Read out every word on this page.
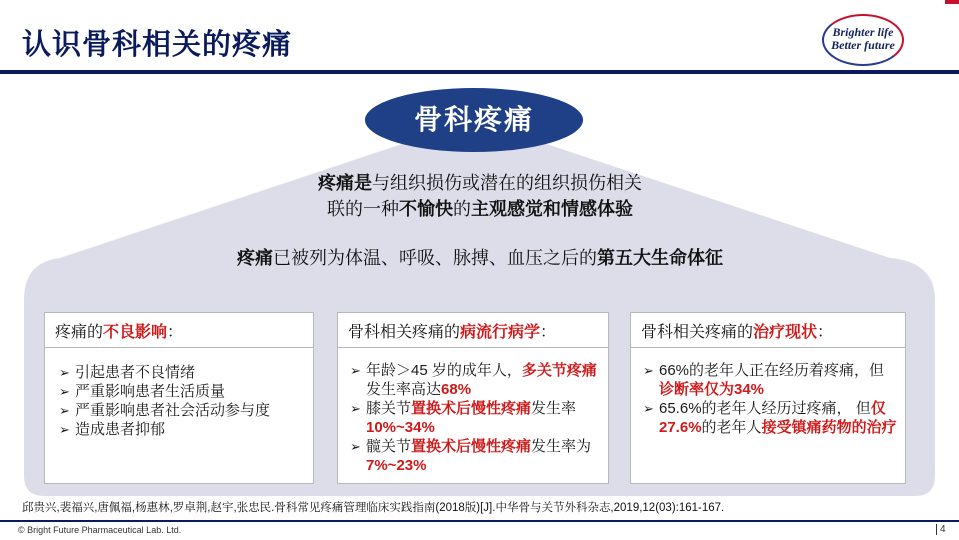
认识骨科相关的疼痛	Brighter life
Better future
骨科疼痛
疼痛是与组织损伤或潜在的组织损伤相关
联的一种不愉快的主观感觉和情感体验
疼痛已被列为体温、呼吸、脉搏、血压之后的第五大生命体征
疼痛的不良影响：
➢ 引起患者不良情绪
➢ 严重影响患者生活质量
➢ 严重影响患者社会活动参与度
➢ 造成患者抑郁
骨科相关疼痛的病流行病学：
➢ 年龄＞45 岁的成年人，多关节疼痛发生率高达68%
➢ 膝关节置换术后慢性疼痛发生率 10%~34%
➢ 髋关节置换术后慢性疼痛发生率为7%~23%
骨科相关疼痛的治疗现状：
➢ 66%的老年人正在经历着疼痛，但诊断率仅为34%
➢ 65.6%的老年人经历过疼痛， 但仅27.6%的老年人接受镇痛药物的治疗
邱贵兴,裴福兴,唐佩福,杨惠林,罗卓荆,赵宇,张忠民.骨科常见疼痛管理临床实践指南(2018版)[J].中华骨与关节外科杂志,2019,12(03):161-167.
© Bright Future Pharmaceutical Lab. Ltd.	4
